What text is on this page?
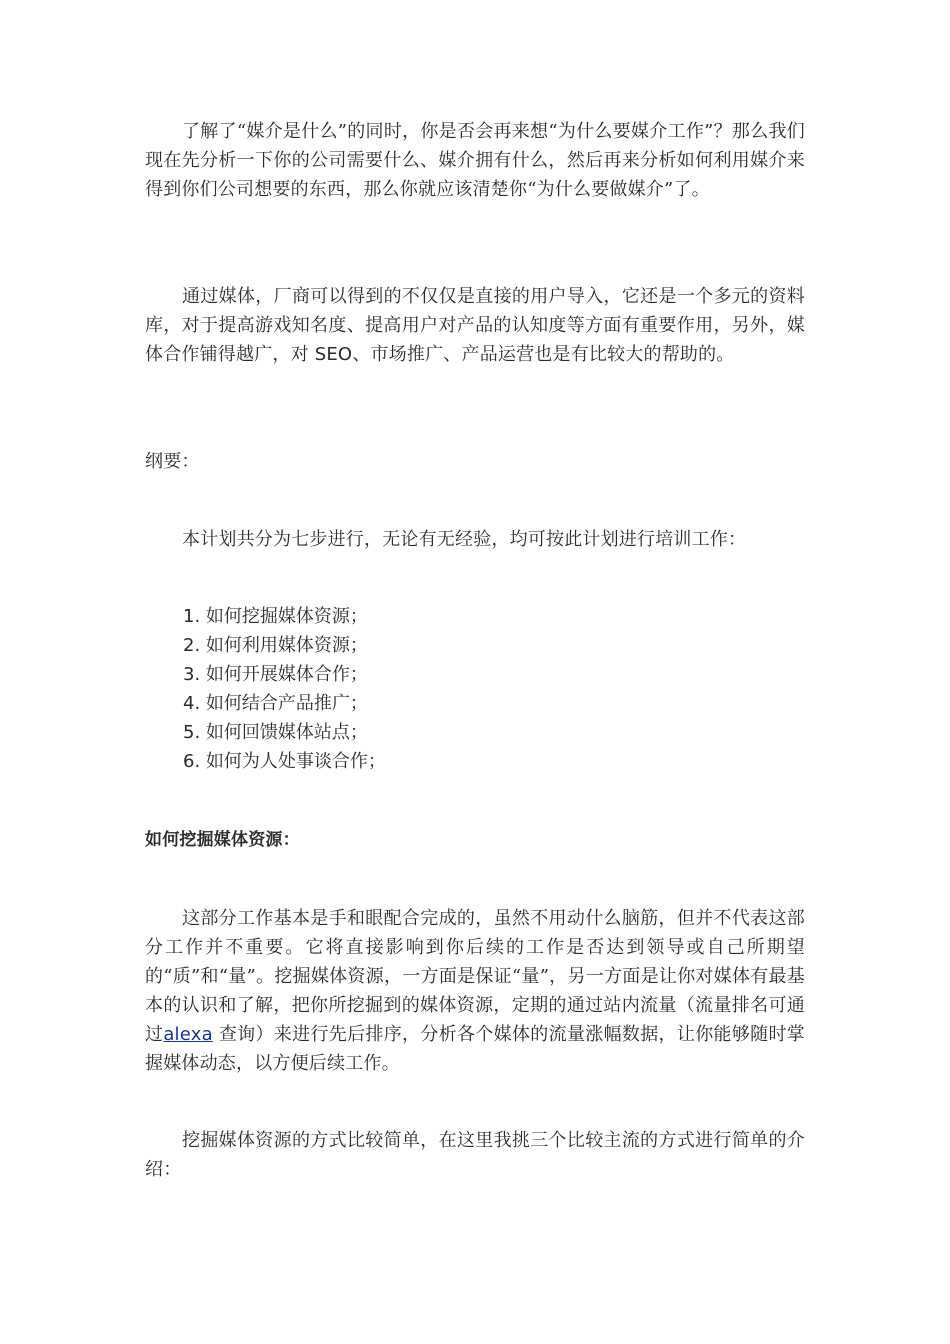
了解了“媒介是什么”的同时，你是否会再来想“为什么要媒介工作”？那么我们现在先分析一下你的公司需要什么、媒介拥有什么，然后再来分析如何利用媒介来得到你们公司想要的东西，那么你就应该清楚你“为什么要做媒介”了。

通过媒体，厂商可以得到的不仅仅是直接的用户导入，它还是一个多元的资料库，对于提高游戏知名度、提高用户对产品的认知度等方面有重要作用，另外，媒体合作铺得越广，对 SEO、市场推广、产品运营也是有比较大的帮助的。

纲要：

本计划共分为七步进行，无论有无经验，均可按此计划进行培训工作：

1. 如何挖掘媒体资源；
2. 如何利用媒体资源；
3. 如何开展媒体合作；
4. 如何结合产品推广；
5. 如何回馈媒体站点；
6. 如何为人处事谈合作；

如何挖掘媒体资源：

这部分工作基本是手和眼配合完成的，虽然不用动什么脑筋，但并不代表这部分工作并不重要。它将直接影响到你后续的工作是否达到领导或自己所期望的“质”和“量”。挖掘媒体资源，一方面是保证“量”，另一方面是让你对媒体有最基本的认识和了解，把你所挖掘到的媒体资源，定期的通过站内流量（流量排名可通过alexa 查询）来进行先后排序，分析各个媒体的流量涨幅数据，让你能够随时掌握媒体动态，以方便后续工作。

挖掘媒体资源的方式比较简单，在这里我挑三个比较主流的方式进行简单的介绍：
